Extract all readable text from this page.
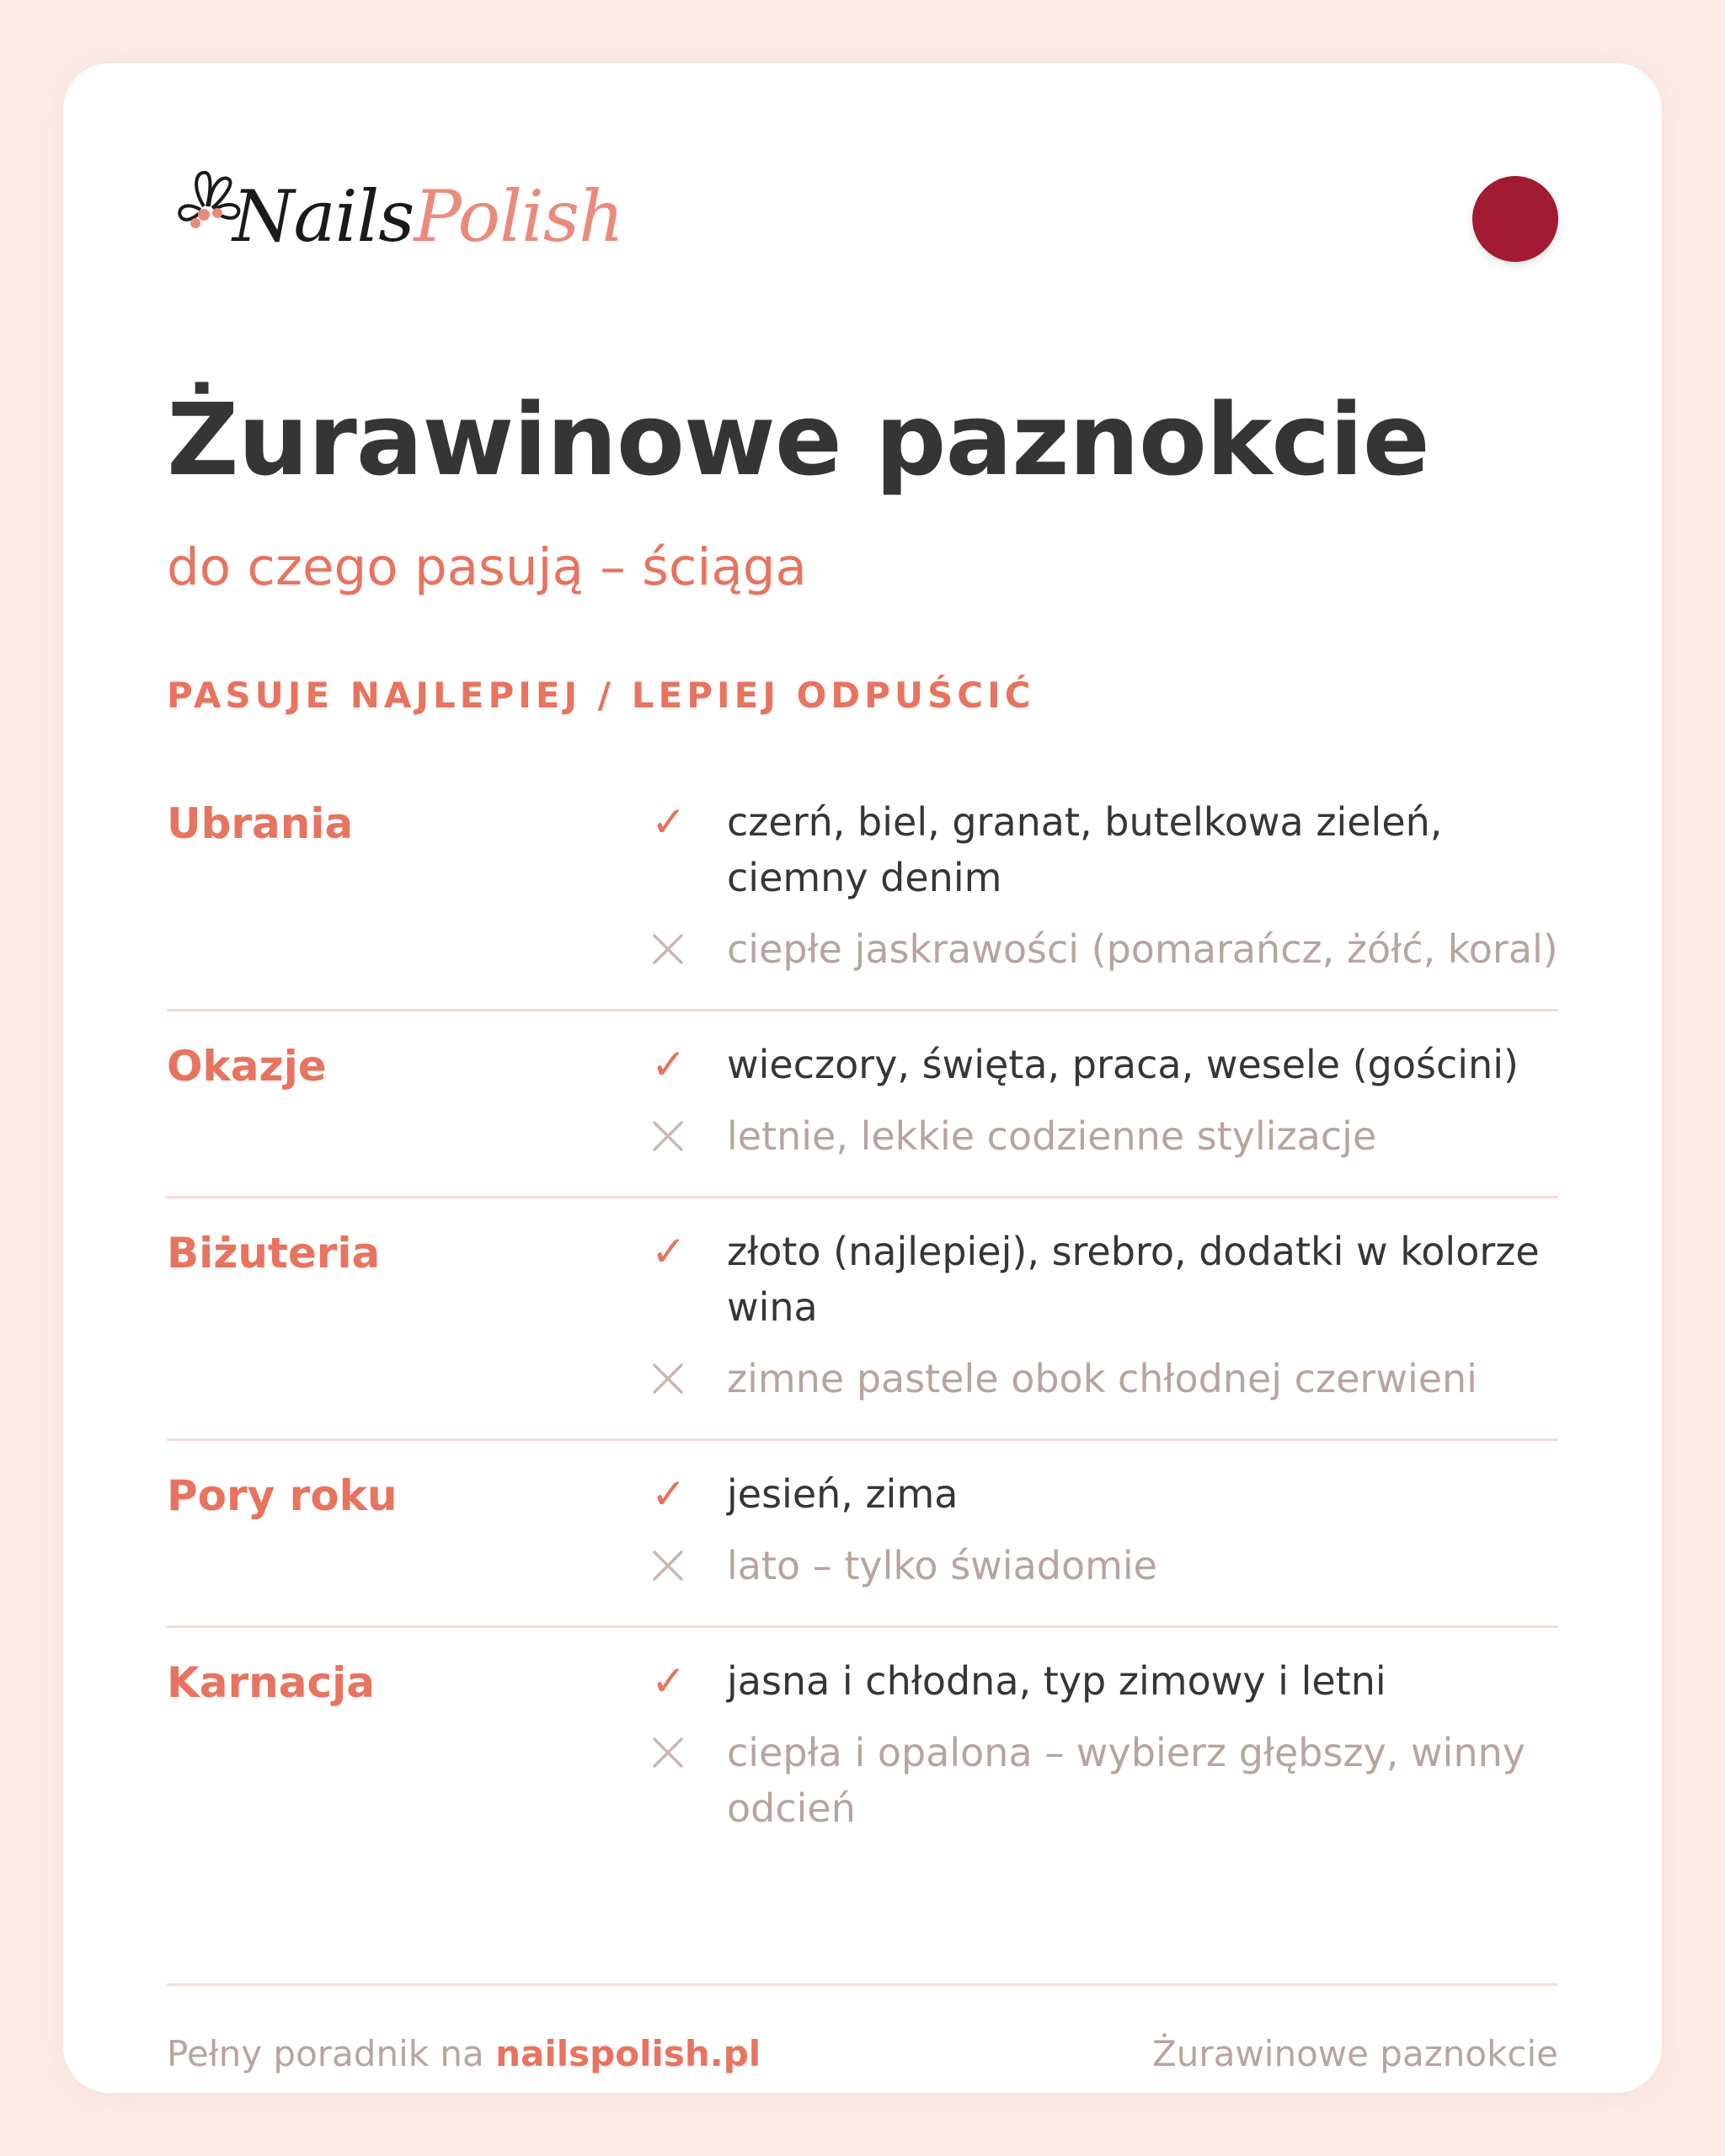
NailsPolish
Żurawinowe paznokcie
do czego pasują – ściąga
PASUJE NAJLEPIEJ / LEPIEJ ODPUŚCIĆ
Ubrania	✓ czerń, biel, granat, butelkowa zieleń, ciemny denim
ciepłe jaskrawości (pomarańcz, żółć, koral)
Okazje	✓ wieczory, święta, praca, wesele (gościni)
letnie, lekkie codzienne stylizacje
Biżuteria	✓ złoto (najlepiej), srebro, dodatki w kolorze wina
zimne pastele obok chłodnej czerwieni
Pory roku	✓ jesień, zima
lato – tylko świadomie
Karnacja	✓ jasna i chłodna, typ zimowy i letni
ciepła i opalona – wybierz głębszy, winny odcień
Pełny poradnik na nailspolish.pl	Żurawinowe paznokcie
